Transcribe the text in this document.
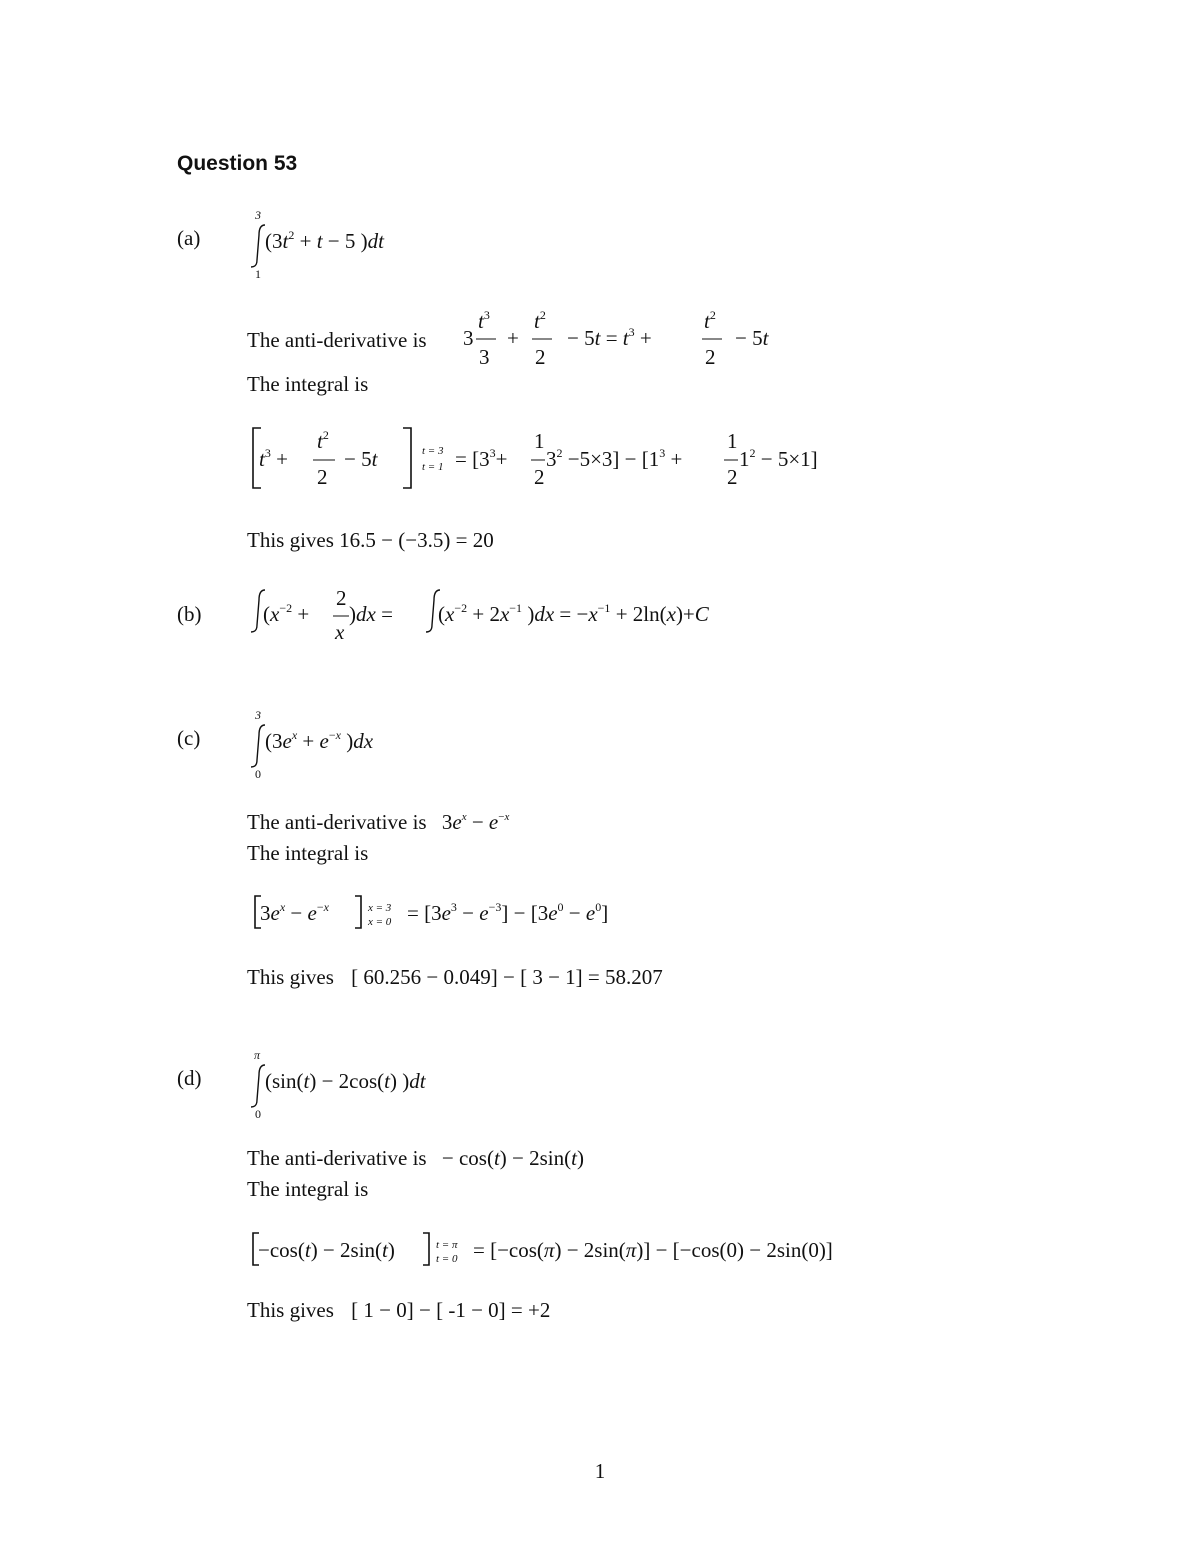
Question 53
(a)
3
1
($3t^2 + t - 5$ )dt
The anti-derivative is 3
$t^3$
3
+
$t^2$
2
− $5t = t^3$ +
$t^2$
2
− 5t
The integral is
$t^3$ +
$t^2$
2
− 5t	t = 3
$t = 1 = [3^3+$
1
2
$3^2 -5\times 3] - [1^3$ +
1
2
$1^2 - 5\times 1$]
This gives 16.5 − (−3.5) = 20
(b)	($x^{-2}$ +
2
x
)$dx = (x^{-2} + 2x^{-1}$ )$dx = -x^{-1} + 2\ln(x)+C$
(c)
3
0
($3e^x + e^-x$ )dx
The anti-derivative is $3e^x - e^{-x}$
The integral is
$3e^x - e^-x$	x = 3
$x = 0 = [3e^3 - e^{-3}] - [3e^0 - e^0]$
This gives [ 60.256 − 0.049] − [ 3 − 1] = 58.207
(d)
π
0
(sin(t) − 2cos(t) )dt
The anti-derivative is − cos(t) − 2sin(t)
The integral is
−cos(t) − 2sin(t)	t = π
t = 0 = [−cos(π) − 2sin(π)] − [−cos(0) − 2sin(0)]
This gives [ 1 − 0] − [ -1 − 0] = +2
1
